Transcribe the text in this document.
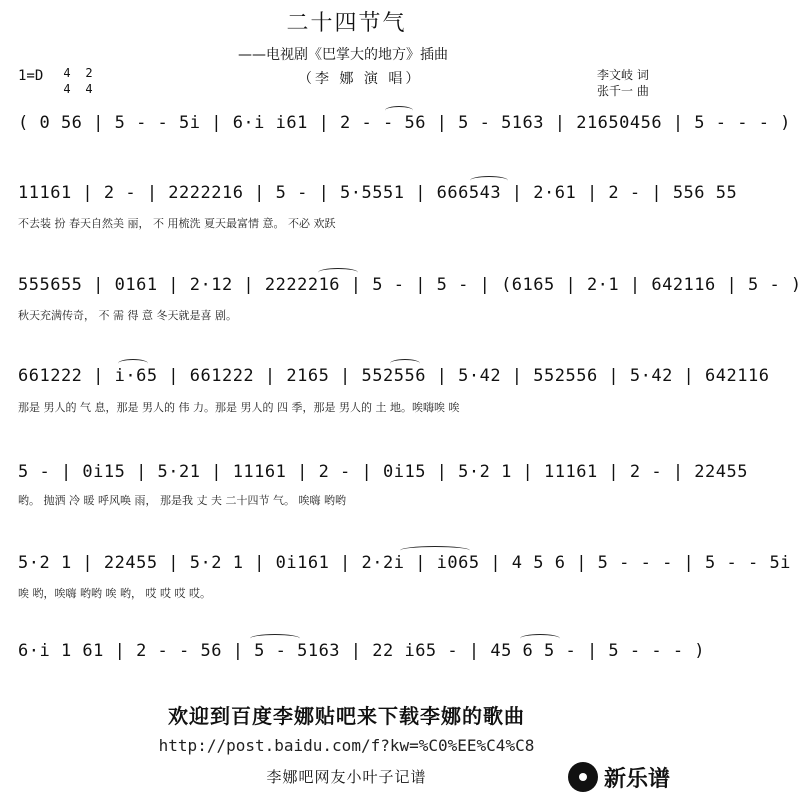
二十四节气
——电视剧《巴掌大的地方》插曲
（李 娜 演 唱）	李文岐 词
张千一 曲
1=D 4
4
2
4
( 0 56 | 5 - - 5i | 6·i i61 | 2 - - 56 | 5 - 5163 | 21650456 | 5 - - - )
11161 | 2 - | 2222216 | 5 - | 5·5551 | 666543 | 2·61 | 2 - | 556 55
不去装 扮 春天自然美 丽， 不 用梳洗 夏天最富情 意。 不必 欢跃
555655 | 0161 | 2·12 | 2222216 | 5 - | 5 - | (6165 | 2·1 | 642116 | 5 - )
秋天充满传奇， 不 需 得 意 冬天就是喜 剧。
661222 | i·65 | 661222 | 2165 | 552556 | 5·42 | 552556 | 5·42 | 642116
那是 男人的 气 息，那是 男人的 伟 力。那是 男人的 四 季，那是 男人的 土 地。唉嗨唉 唉
5 - | 0i15 | 5·21 | 11161 | 2 - | 0i15 | 5·2 1 | 11161 | 2 - | 22455
哟。 抛洒 冷 暖 呼风唤 雨， 那是我 丈 夫 二十四节 气。 唉嗨 哟哟
5·2 1 | 22455 | 5·2 1 | 0i161 | 2·2i | i065 | 4 5 6 | 5 - - - | 5 - - 5i
唉 哟，唉嗨 哟哟 唉 哟， 哎 哎 哎 哎。
6·i 1 61 | 2 - - 56 | 5 - 5163 | 22 i65 - | 45 6 5 - | 5 - - - )
欢迎到百度李娜贴吧来下载李娜的歌曲
http://post.baidu.com/f?kw=%C0%EE%C4%C8
李娜吧网友小叶子记谱	新乐谱
